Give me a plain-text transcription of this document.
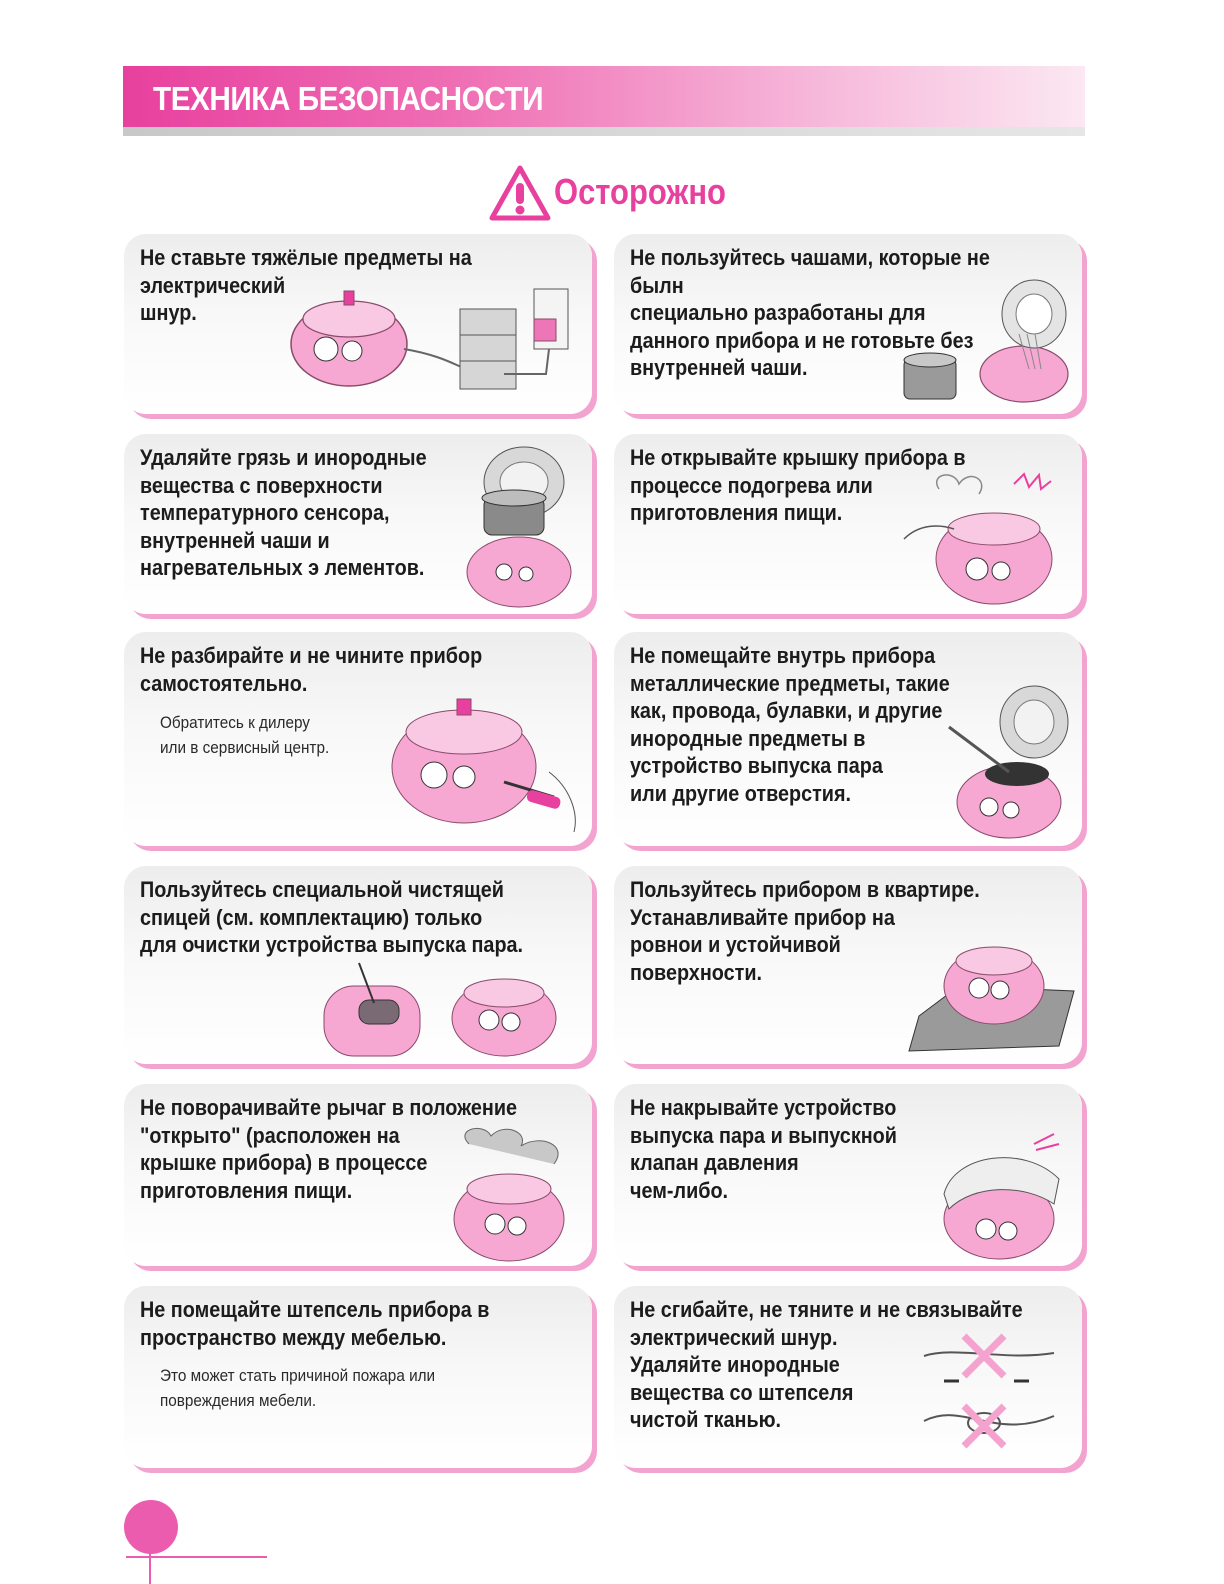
ТЕХНИКА БЕЗОПАСНОСТИ
Осторожно
Не ставьте тяжёлые предметы на
электрический
шнур.
Не пользуйтесь чашами, которые не былн
специально разработаны для
данного прибора и не готовьте без
внутренней чаши.
Удаляйте грязь и инородные
вещества с поверхности
температурного сенсора,
внутренней чаши и
нагревательных э лементов.
Не открывайте крышку прибора в
процессе подогрева или
приготовления пищи.
Не разбирайте и не чините прибор
самостоятельно.
Обратитесь к дилеру
или в сервисный центр.
Не помещайте внутрь прибора
металлические предметы, такие
как, провода, булавки, и другие
инородные предметы в
устройство выпуска пара
или другие отверстия.
Пользуйтесь специальной чистящей
спицей (см. комплектацию) только
для очистки устройства выпуска пара.
Пользуйтесь прибором в квартире.
Устанавливайте прибор на
ровнои и устойчивой
поверхности.
Не поворачивайте рычаг в положение
"открыто" (расположен на
крышке прибора) в процессе
приготовления пищи.
Не накрывайте устройство
выпуска пара и выпускной
клапан давления
чем-либо.
Не помещайте штепсель прибора в
пространство между мебелью.
Это может стать причиной пожара или
повреждения мебели.
Не сгибайте, не тяните и не связывайте
электрический шнур.
Удаляйте инородные
вещества со штепселя
чистой тканью.
